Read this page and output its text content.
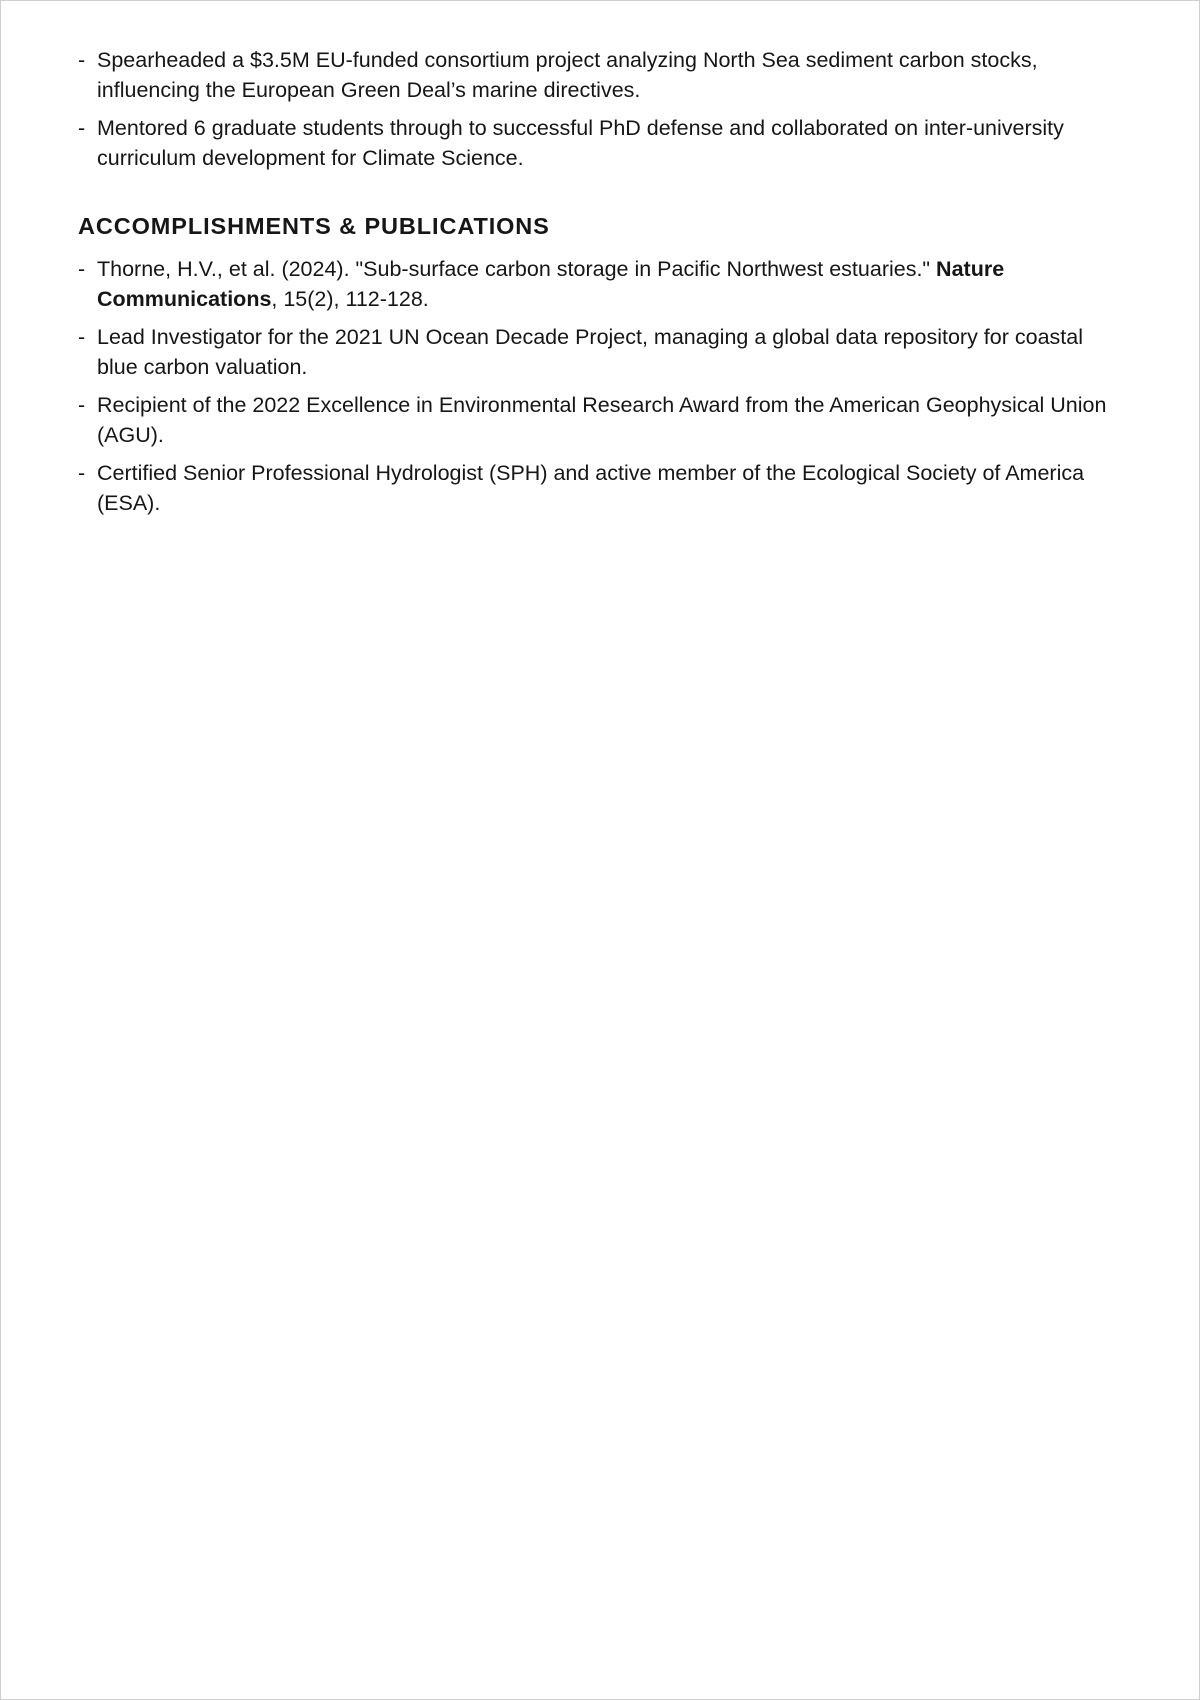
- Spearheaded a $3.5M EU-funded consortium project analyzing North Sea sediment carbon stocks, influencing the European Green Deal’s marine directives.
- Mentored 6 graduate students through to successful PhD defense and collaborated on inter-university curriculum development for Climate Science.
ACCOMPLISHMENTS & PUBLICATIONS
- Thorne, H.V., et al. (2024). "Sub-surface carbon storage in Pacific Northwest estuaries." Nature Communications, 15(2), 112-128.
- Lead Investigator for the 2021 UN Ocean Decade Project, managing a global data repository for coastal blue carbon valuation.
- Recipient of the 2022 Excellence in Environmental Research Award from the American Geophysical Union (AGU).
- Certified Senior Professional Hydrologist (SPH) and active member of the Ecological Society of America (ESA).
